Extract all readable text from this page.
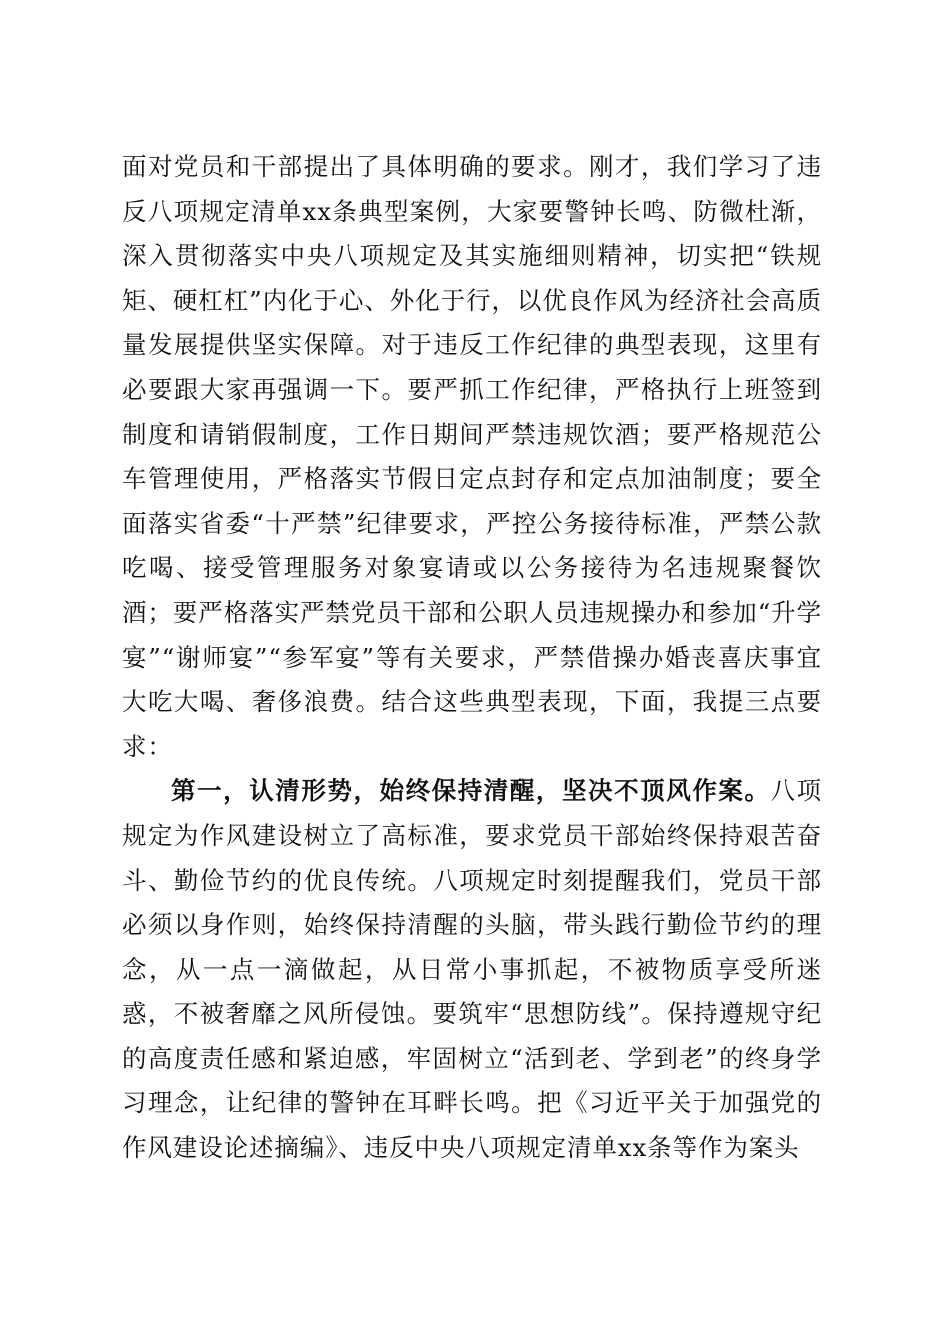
面对党员和干部提出了具体明确的要求。刚才，我们学习了违反八项规定清单xx条典型案例，大家要警钟长鸣、防微杜渐，深入贯彻落实中央八项规定及其实施细则精神，切实把“铁规矩、硬杠杠”内化于心、外化于行，以优良作风为经济社会高质量发展提供坚实保障。对于违反工作纪律的典型表现，这里有必要跟大家再强调一下。要严抓工作纪律，严格执行上班签到制度和请销假制度，工作日期间严禁违规饮酒；要严格规范公车管理使用，严格落实节假日定点封存和定点加油制度；要全面落实省委“十严禁”纪律要求，严控公务接待标准，严禁公款吃喝、接受管理服务对象宴请或以公务接待为名违规聚餐饮酒；要严格落实严禁党员干部和公职人员违规操办和参加“升学宴”“谢师宴”“参军宴”等有关要求，严禁借操办婚丧喜庆事宜大吃大喝、奢侈浪费。结合这些典型表现，下面，我提三点要求：

第一，认清形势，始终保持清醒，坚决不顶风作案。八项规定为作风建设树立了高标准，要求党员干部始终保持艰苦奋斗、勤俭节约的优良传统。八项规定时刻提醒我们，党员干部必须以身作则，始终保持清醒的头脑，带头践行勤俭节约的理念，从一点一滴做起，从日常小事抓起，不被物质享受所迷惑，不被奢靡之风所侵蚀。要筑牢“思想防线”。保持遵规守纪的高度责任感和紧迫感，牢固树立“活到老、学到老”的终身学习理念，让纪律的警钟在耳畔长鸣。把《习近平关于加强党的作风建设论述摘编》、违反中央八项规定清单xx条等作为案头
